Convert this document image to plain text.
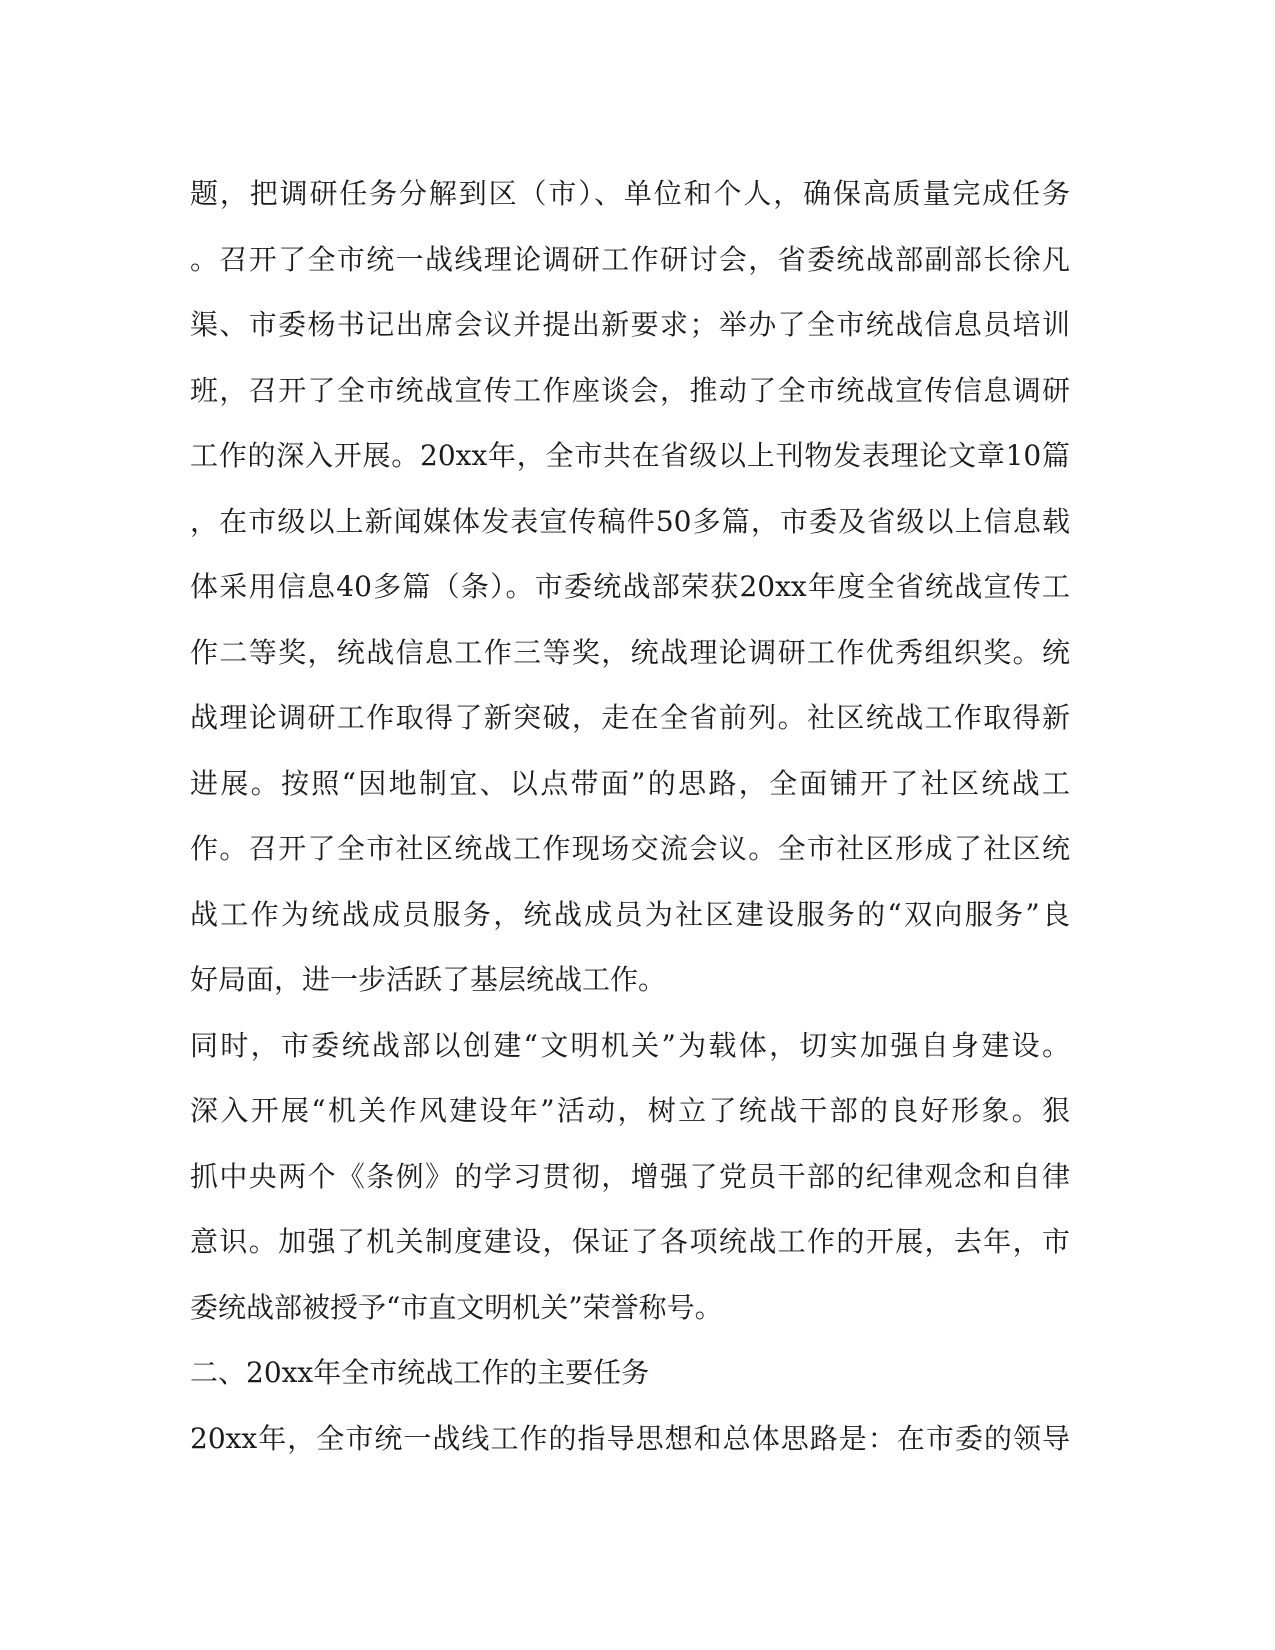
题，把调研任务分解到区（市）、单位和个人，确保高质量完成任务
。召开了全市统一战线理论调研工作研讨会，省委统战部副部长徐凡
渠、市委杨书记出席会议并提出新要求；举办了全市统战信息员培训
班，召开了全市统战宣传工作座谈会，推动了全市统战宣传信息调研
工作的深入开展。20xx年，全市共在省级以上刊物发表理论文章10篇
，在市级以上新闻媒体发表宣传稿件50多篇，市委及省级以上信息载
体采用信息40多篇（条）。市委统战部荣获20xx年度全省统战宣传工
作二等奖，统战信息工作三等奖，统战理论调研工作优秀组织奖。统
战理论调研工作取得了新突破，走在全省前列。社区统战工作取得新
进展。按照“因地制宜、以点带面”的思路，全面铺开了社区统战工
作。召开了全市社区统战工作现场交流会议。全市社区形成了社区统
战工作为统战成员服务，统战成员为社区建设服务的“双向服务”良
好局面，进一步活跃了基层统战工作。
同时，市委统战部以创建“文明机关”为载体，切实加强自身建设。
深入开展“机关作风建设年”活动，树立了统战干部的良好形象。狠
抓中央两个《条例》的学习贯彻，增强了党员干部的纪律观念和自律
意识。加强了机关制度建设，保证了各项统战工作的开展，去年，市
委统战部被授予“市直文明机关”荣誉称号。
二、20xx年全市统战工作的主要任务
20xx年，全市统一战线工作的指导思想和总体思路是：在市委的领导
